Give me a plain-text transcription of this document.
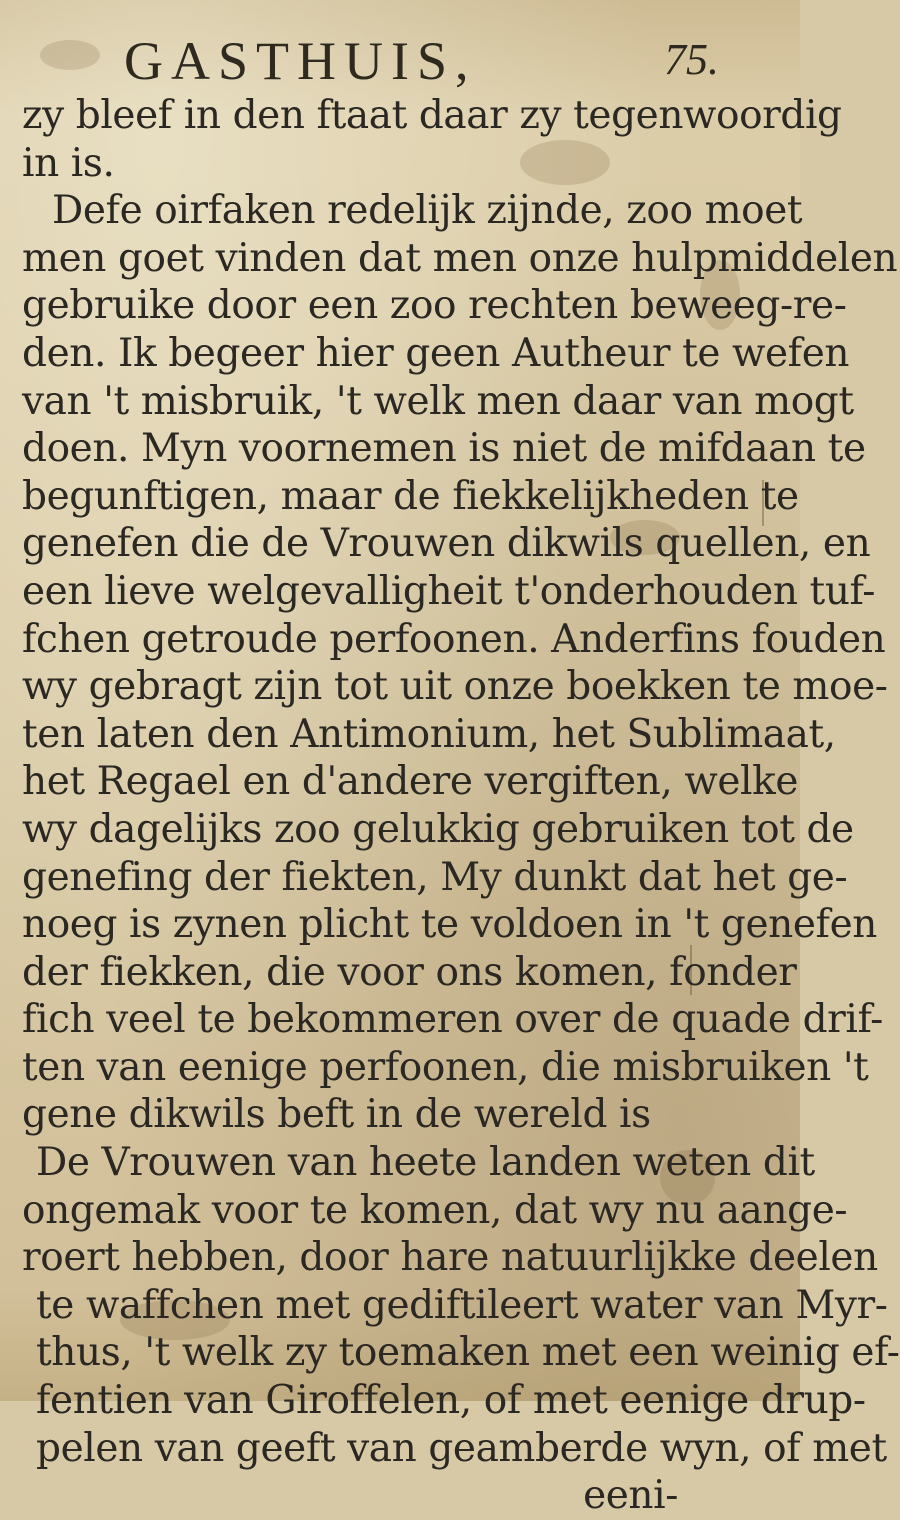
GASTHUIS,	75.
zy bleef in den ftaat daar zy tegenwoordig
in is.
Defe oirfaken redelijk zijnde, zoo moet
men goet vinden dat men onze hulpmiddelen
gebruike door een zoo rechten beweeg-re-
den. Ik begeer hier geen Autheur te wefen
van 't misbruik, 't welk men daar van mogt
doen. Myn voornemen is niet de mifdaan te
begunftigen, maar de fiekkelijkheden te
genefen die de Vrouwen dikwils quellen, en
een lieve welgevalligheit t'onderhouden tuf-
fchen getroude perfoonen. Anderfins fouden
wy gebragt zijn tot uit onze boekken te moe-
ten laten den Antimonium, het Sublimaat,
het Regael en d'andere vergiften, welke
wy dagelijks zoo gelukkig gebruiken tot de
genefing der fiekten, My dunkt dat het ge-
noeg is zynen plicht te voldoen in 't genefen
der fiekken, die voor ons komen, fonder
fich veel te bekommeren over de quade drif-
ten van eenige perfoonen, die misbruiken 't
gene dikwils beft in de wereld is
De Vrouwen van heete landen weten dit
ongemak voor te komen, dat wy nu aange-
roert hebben, door hare natuurlijkke deelen
te waffchen met gediftileert water van Myr-
thus, 't welk zy toemaken met een weinig ef-
fentien van Giroffelen, of met eenige drup-
pelen van geeft van geamberde wyn, of met
eeni-
